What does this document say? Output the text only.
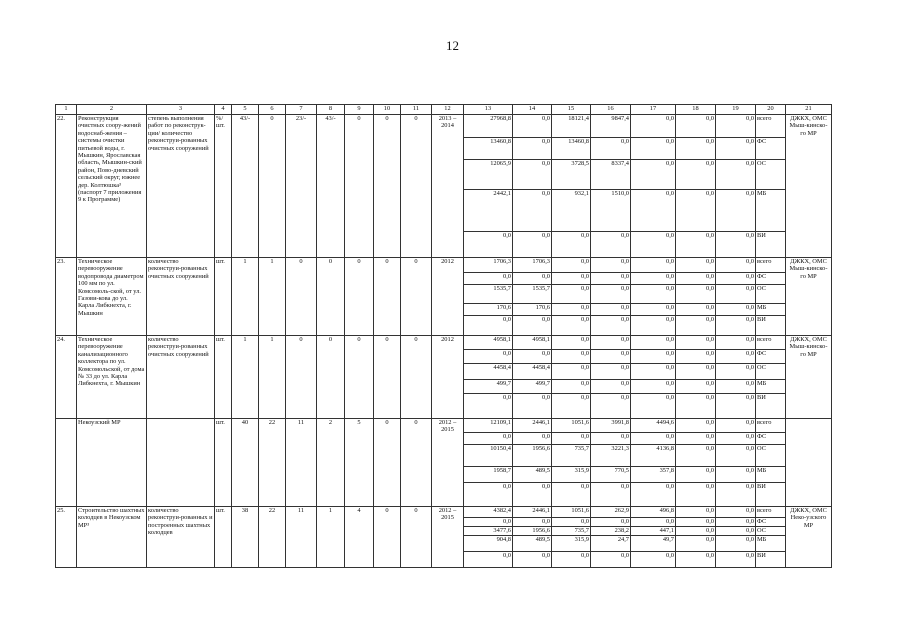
12
1	2	3	4	5	6	7	8	9	10	11	12	13	14	15	16	17	18	19	20	21
22.	Реконструкция очистных соору-жений водоснаб-жения – системы очистки питьевой воды, г. Мышкин, Ярославская область, Мышкин-ский район, Пово-дневский сельский округ, южнее дер. Колтюшка³ (паспорт 7 приложения 9 к Программе)	степень выполнения работ по реконструк-ции/ количество реконструи-рованных очистных сооружений	%/ шт.	43/-	0	23/-	43/-	0	0	0	2013 – 2014	27968,8	0,0	18121,4	9847,4	0,0	0,0	0,0	всего	ДЖКХ, ОМС Мыш-кинско-го МР
												13460,8	0,0	13460,8	0,0	0,0	0,0	0,0	ФС	
												12065,9	0,0	3728,5	8337,4	0,0	0,0	0,0	ОС	
												2442,1	0,0	932,1	1510,0	0,0	0,0	0,0	МБ	
												0,0	0,0	0,0	0,0	0,0	0,0	0,0	ВИ	
23.	Техническое перевооружение водопровода диаметром 100 мм по ул. Комсомоль-ской, от ул. Газови-кова до ул. Карла Либкнехта, г. Мышкин	количество реконструи-рованных очистных сооружений	шт.	1	1	0	0	0	0	0	2012	1706,3	1706,3	0,0	0,0	0,0	0,0	0,0	всего	ДЖКХ, ОМС Мыш-кинско-го МР
												0,0	0,0	0,0	0,0	0,0	0,0	0,0	ФС	
												1535,7	1535,7	0,0	0,0	0,0	0,0	0,0	ОС	
												170,6	170,6	0,0	0,0	0,0	0,0	0,0	МБ	
												0,0	0,0	0,0	0,0	0,0	0,0	0,0	ВИ	
24.	Техническое перевооружение канализационного коллектора по ул. Комсомольской, от дома № 33 до ул. Карла Либкнехта, г. Мышкин	количество реконструи-рованных очистных сооружений	шт.	1	1	0	0	0	0	0	2012	4958,1	4958,1	0,0	0,0	0,0	0,0	0,0	всего	ДЖКХ, ОМС Мыш-кинско-го МР
												0,0	0,0	0,0	0,0	0,0	0,0	0,0	ФС	
												4458,4	4458,4	0,0	0,0	0,0	0,0	0,0	ОС	
												499,7	499,7	0,0	0,0	0,0	0,0	0,0	МБ	
												0,0	0,0	0,0	0,0	0,0	0,0	0,0	ВИ	
	Некоузский МР		шт.	40	22	11	2	5	0	0	2012 – 2015	12109,1	2446,1	1051,6	3991,8	4494,6	0,0	0,0	всего	
												0,0	0,0	0,0	0,0	0,0	0,0	0,0	ФС	
												10150,4	1956,6	735,7	3221,3	4136,8	0,0	0,0	ОС	
												1958,7	489,5	315,9	770,5	357,8	0,0	0,0	МБ	
												0,0	0,0	0,0	0,0	0,0	0,0	0,0	ВИ	
25.	Строительство шахтных колодцев в Некоузском МР³	количество реконструи-рованных и построенных шахтных колодцев	шт.	38	22	11	1	4	0	0	2012 – 2015	4382,4	2446,1	1051,6	262,9	496,8	0,0	0,0	всего	ДЖКХ, ОМС Неко-узского МР
												0,0	0,0	0,0	0,0	0,0	0,0	0,0	ФС	
												3477,6	1956,6	735,7	238,2	447,1	0,0	0,0	ОС	
												904,8	489,5	315,9	24,7	49,7	0,0	0,0	МБ	
												0,0	0,0	0,0	0,0	0,0	0,0	0,0	ВИ	
